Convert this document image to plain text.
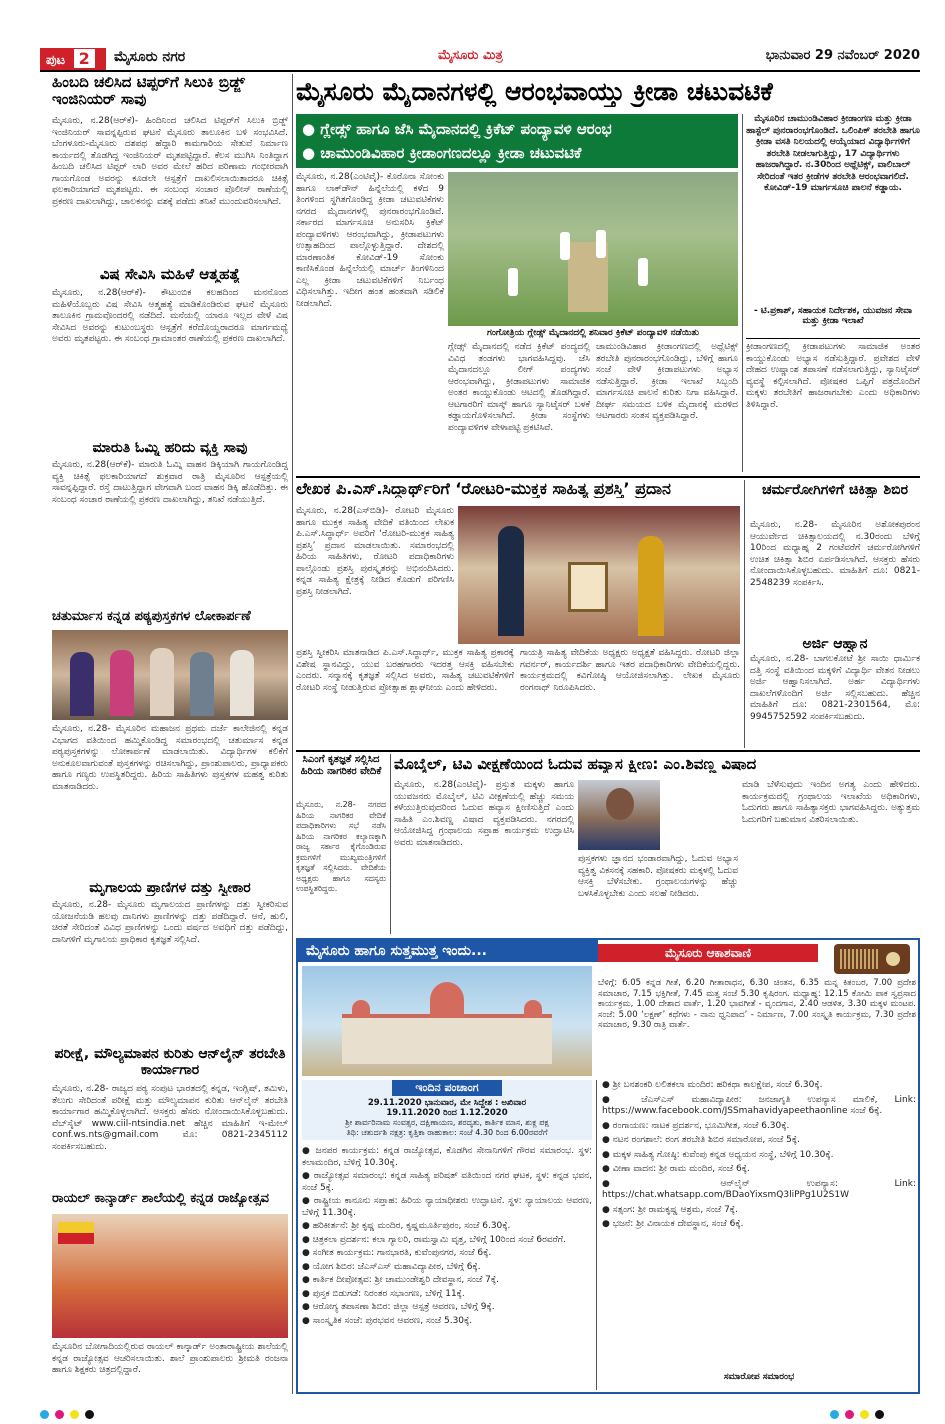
ಪುಟ 2	ಮೈಸೂರು ನಗರ	ಮೈಸೂರು ಮಿತ್ರ	ಭಾನುವಾರ 29 ನವೆಂಬರ್ 2020
ಹಿಂಬದಿ ಚಲಿಸಿದ ಟಿಪ್ಪರ್‌ಗೆ ಸಿಲುಕಿ ಬ್ರಿಡ್ಜ್ ಇಂಜಿನಿಯರ್ ಸಾವು
ಮೈಸೂರು, ನ.28(ಆರ್‌ಕೆ)- ಹಿಂದಿನಿಂದ ಚಲಿಸಿದ ಟಿಪ್ಪರ್‌ಗೆ ಸಿಲುಕಿ ಬ್ರಿಡ್ಜ್ ಇಂಜಿನಿಯರ್ ಸಾವನ್ನಪ್ಪಿರುವ ಘಟನೆ ಮೈಸೂರು ತಾಲೂಕಿನ ಬಳಿ ಸಂಭವಿಸಿದೆ. ಬೆಂಗಳೂರು-ಮೈಸೂರು ದಶಪಥ ಹೆದ್ದಾರಿ ಕಾಮಗಾರಿಯ ಸೇತುವೆ ನಿರ್ಮಾಣ ಕಾರ್ಯದಲ್ಲಿ ತೊಡಗಿದ್ದ ಇಂಜಿನಿಯರ್ ಮೃತಪಟ್ಟಿದ್ದಾರೆ. ಕೆಲಸ ಮುಗಿಸಿ ನಿಂತಿದ್ದಾಗ ಹಿಂಬದಿ ಚಲಿಸಿದ ಟಿಪ್ಪರ್ ಲಾರಿ ಅವರ ಮೇಲೆ ಹರಿದ ಪರಿಣಾಮ ಗಂಭೀರವಾಗಿ ಗಾಯಗೊಂಡ ಅವರನ್ನು ಕೂಡಲೇ ಆಸ್ಪತ್ರೆಗೆ ದಾಖಲಿಸಲಾಯಿತಾದರೂ ಚಿಕಿತ್ಸೆ ಫಲಕಾರಿಯಾಗದೆ ಮೃತಪಟ್ಟರು. ಈ ಸಂಬಂಧ ಸಂಚಾರ ಪೊಲೀಸ್ ಠಾಣೆಯಲ್ಲಿ ಪ್ರಕರಣ ದಾಖಲಾಗಿದ್ದು, ಚಾಲಕನನ್ನು ವಶಕ್ಕೆ ಪಡೆದು ತನಿಖೆ ಮುಂದುವರಿಸಲಾಗಿದೆ.
ವಿಷ ಸೇವಿಸಿ ಮಹಿಳೆ ಆತ್ಮಹತ್ಯೆ
ಮೈಸೂರು, ನ.28(ಆರ್‌ಕೆ)- ಕೌಟುಂಬಿಕ ಕಲಹದಿಂದ ಮನನೊಂದ ಮಹಿಳೆಯೊಬ್ಬರು ವಿಷ ಸೇವಿಸಿ ಆತ್ಮಹತ್ಯೆ ಮಾಡಿಕೊಂಡಿರುವ ಘಟನೆ ಮೈಸೂರು ತಾಲೂಕಿನ ಗ್ರಾಮವೊಂದರಲ್ಲಿ ನಡೆದಿದೆ. ಮನೆಯಲ್ಲಿ ಯಾರೂ ಇಲ್ಲದ ವೇಳೆ ವಿಷ ಸೇವಿಸಿದ ಅವರನ್ನು ಕುಟುಂಬಸ್ಥರು ಆಸ್ಪತ್ರೆಗೆ ಕರೆದೊಯ್ದರಾದರೂ ಮಾರ್ಗಮಧ್ಯೆ ಅವರು ಮೃತಪಟ್ಟರು. ಈ ಸಂಬಂಧ ಗ್ರಾಮಾಂತರ ಠಾಣೆಯಲ್ಲಿ ಪ್ರಕರಣ ದಾಖಲಾಗಿದೆ.
ಮಾರುತಿ ಓಮ್ನಿ ಹರಿದು ವ್ಯಕ್ತಿ ಸಾವು
ಮೈಸೂರು, ನ.28(ಆರ್‌ಕೆ)- ಮಾರುತಿ ಓಮ್ನಿ ವಾಹನ ಡಿಕ್ಕಿಯಾಗಿ ಗಾಯಗೊಂಡಿದ್ದ ವ್ಯಕ್ತಿ ಚಿಕಿತ್ಸೆ ಫಲಕಾರಿಯಾಗದೆ ಶುಕ್ರವಾರ ರಾತ್ರಿ ಮೈಸೂರಿನ ಆಸ್ಪತ್ರೆಯಲ್ಲಿ ಸಾವನ್ನಪ್ಪಿದ್ದಾರೆ. ರಸ್ತೆ ದಾಟುತ್ತಿದ್ದಾಗ ವೇಗವಾಗಿ ಬಂದ ವಾಹನ ಡಿಕ್ಕಿ ಹೊಡೆದಿತ್ತು. ಈ ಸಂಬಂಧ ಸಂಚಾರ ಠಾಣೆಯಲ್ಲಿ ಪ್ರಕರಣ ದಾಖಲಾಗಿದ್ದು, ತನಿಖೆ ನಡೆಯುತ್ತಿದೆ.
ಚತುರ್ಮಾಸ ಕನ್ನಡ ಪಠ್ಯಪುಸ್ತಕಗಳ ಲೋಕಾರ್ಪಣೆ
ಮೈಸೂರು, ನ.28- ಮೈಸೂರಿನ ಮಹಾಜನ ಪ್ರಥಮ ದರ್ಜೆ ಕಾಲೇಜಿನಲ್ಲಿ ಕನ್ನಡ ವಿಭಾಗದ ವತಿಯಿಂದ ಹಮ್ಮಿಕೊಂಡಿದ್ದ ಸಮಾರಂಭದಲ್ಲಿ ಚತುರ್ಮಾಸ ಕನ್ನಡ ಪಠ್ಯಪುಸ್ತಕಗಳನ್ನು ಲೋಕಾರ್ಪಣೆ ಮಾಡಲಾಯಿತು. ವಿದ್ಯಾರ್ಥಿಗಳ ಕಲಿಕೆಗೆ ಅನುಕೂಲವಾಗುವಂತೆ ಪುಸ್ತಕಗಳನ್ನು ರಚಿಸಲಾಗಿದ್ದು, ಪ್ರಾಂಶುಪಾಲರು, ಪ್ರಾಧ್ಯಾಪಕರು ಹಾಗೂ ಗಣ್ಯರು ಉಪಸ್ಥಿತರಿದ್ದರು. ಹಿರಿಯ ಸಾಹಿತಿಗಳು ಪುಸ್ತಕಗಳ ಮಹತ್ವ ಕುರಿತು ಮಾತನಾಡಿದರು.
ಮೃಗಾಲಯ ಪ್ರಾಣಿಗಳ ದತ್ತು ಸ್ವೀಕಾರ
ಮೈಸೂರು, ನ.28- ಮೈಸೂರು ಮೃಗಾಲಯದ ಪ್ರಾಣಿಗಳನ್ನು ದತ್ತು ಸ್ವೀಕರಿಸುವ ಯೋಜನೆಯಡಿ ಹಲವು ದಾನಿಗಳು ಪ್ರಾಣಿಗಳನ್ನು ದತ್ತು ಪಡೆದಿದ್ದಾರೆ. ಆನೆ, ಹುಲಿ, ಚಿರತೆ ಸೇರಿದಂತೆ ವಿವಿಧ ಪ್ರಾಣಿಗಳನ್ನು ಒಂದು ವರ್ಷದ ಅವಧಿಗೆ ದತ್ತು ಪಡೆದಿದ್ದು, ದಾನಿಗಳಿಗೆ ಮೃಗಾಲಯ ಪ್ರಾಧಿಕಾರ ಕೃತಜ್ಞತೆ ಸಲ್ಲಿಸಿದೆ.
ಪರೀಕ್ಷೆ, ಮೌಲ್ಯಮಾಪನ ಕುರಿತು ಆನ್‌ಲೈನ್ ತರಬೇತಿ ಕಾರ್ಯಾಗಾರ
ಮೈಸೂರು, ನ.28- ರಾಜ್ಯದ ಪಠ್ಯ ಸಂಪುಟ ಭಾರತದಲ್ಲಿ ಕನ್ನಡ, ಇಂಗ್ಲಿಷ್, ತಮಿಳು, ತೆಲುಗು ಸೇರಿದಂತೆ ಪರೀಕ್ಷೆ ಮತ್ತು ಮೌಲ್ಯಮಾಪನ ಕುರಿತು ಆನ್‌ಲೈನ್ ತರಬೇತಿ ಕಾರ್ಯಾಗಾರ ಹಮ್ಮಿಕೊಳ್ಳಲಾಗಿದೆ. ಆಸಕ್ತರು ಹೆಸರು ನೋಂದಾಯಿಸಿಕೊಳ್ಳಬಹುದು. ವೆಬ್‌ಸೈಟ್ www.ciil-ntsindia.net ಹೆಚ್ಚಿನ ಮಾಹಿತಿಗೆ ಇ-ಮೇಲ್ conf.ws.nts@gmail.com ಮೊ: 0821-2345112 ಸಂಪರ್ಕಿಸಬಹುದು.
ರಾಯಲ್ ಕಾನ್ಕಾರ್ಡ್ ಶಾಲೆಯಲ್ಲಿ ಕನ್ನಡ ರಾಜ್ಯೋತ್ಸವ
ಮೈಸೂರಿನ ಬೋಗಾದಿಯಲ್ಲಿರುವ ರಾಯಲ್ ಕಾನ್ಕಾರ್ಡ್ ಅಂತಾರಾಷ್ಟ್ರೀಯ ಶಾಲೆಯಲ್ಲಿ ಕನ್ನಡ ರಾಜ್ಯೋತ್ಸವ ಆಚರಿಸಲಾಯಿತು. ಶಾಲೆ ಪ್ರಾಂಶುಪಾಲರು ಶ್ರೀಮತಿ ರಂಜನಾ ಹಾಗೂ ಶಿಕ್ಷಕರು ಚಿತ್ರದಲ್ಲಿದ್ದಾರೆ.
ಮೈಸೂರು ಮೈದಾನಗಳಲ್ಲಿ ಆರಂಭವಾಯ್ತು ಕ್ರೀಡಾ ಚಟುವಟಿಕೆ
● ಗ್ಲೇಡ್ಸ್ ಹಾಗೂ ಜೆಸಿ ಮೈದಾನದಲ್ಲಿ ಕ್ರಿಕೆಟ್ ಪಂದ್ಯಾವಳಿ ಆರಂಭ
● ಚಾಮುಂಡಿವಿಹಾರ ಕ್ರೀಡಾಂಗಣದಲ್ಲೂ ಕ್ರೀಡಾ ಚಟುವಟಿಕೆ
ಮೈಸೂರು, ನ.28(ಎಂಟಿವೈ)- ಕೊರೊನಾ ಸೋಂಕು ಹಾಗೂ ಲಾಕ್‌ಡೌನ್ ಹಿನ್ನೆಲೆಯಲ್ಲಿ ಕಳೆದ 9 ತಿಂಗಳಿಂದ ಸ್ಥಗಿತಗೊಂಡಿದ್ದ ಕ್ರೀಡಾ ಚಟುವಟಿಕೆಗಳು ನಗರದ ಮೈದಾನಗಳಲ್ಲಿ ಪುನರಾರಂಭಗೊಂಡಿವೆ. ಸರ್ಕಾರದ ಮಾರ್ಗಸೂಚಿ ಅನುಸರಿಸಿ ಕ್ರಿಕೆಟ್ ಪಂದ್ಯಾವಳಿಗಳು ಆರಂಭವಾಗಿದ್ದು, ಕ್ರೀಡಾಪಟುಗಳು ಉತ್ಸಾಹದಿಂದ ಪಾಲ್ಗೊಳ್ಳುತ್ತಿದ್ದಾರೆ. ದೇಶದಲ್ಲಿ ಮಾರಣಾಂತಿಕ ಕೋವಿಡ್-19 ಸೋಂಕು ಕಾಣಿಸಿಕೊಂಡ ಹಿನ್ನೆಲೆಯಲ್ಲಿ ಮಾರ್ಚ್ ತಿಂಗಳಿನಿಂದ ಎಲ್ಲ ಕ್ರೀಡಾ ಚಟುವಟಿಕೆಗಳಿಗೆ ನಿರ್ಬಂಧ ವಿಧಿಸಲಾಗಿತ್ತು. ಇದೀಗ ಹಂತ ಹಂತವಾಗಿ ಸಡಿಲಿಕೆ ನೀಡಲಾಗಿದೆ.
ಗಂಗೋತ್ರಿಯ ಗ್ಲೇಡ್ಸ್ ಮೈದಾನದಲ್ಲಿ ಶನಿವಾರ ಕ್ರಿಕೆಟ್ ಪಂದ್ಯಾವಳಿ ನಡೆಯಿತು
ಗ್ಲೇಡ್ಸ್ ಮೈದಾನದಲ್ಲಿ ನಡೆದ ಕ್ರಿಕೆಟ್ ಪಂದ್ಯದಲ್ಲಿ ವಿವಿಧ ತಂಡಗಳು ಭಾಗವಹಿಸಿದ್ದವು. ಜೆಸಿ ಮೈದಾನದಲ್ಲೂ ಲೀಗ್ ಪಂದ್ಯಗಳು ಆರಂಭವಾಗಿದ್ದು, ಕ್ರೀಡಾಪಟುಗಳು ಸಾಮಾಜಿಕ ಅಂತರ ಕಾಯ್ದುಕೊಂಡು ಆಟದಲ್ಲಿ ತೊಡಗಿದ್ದಾರೆ. ಆಟಗಾರರಿಗೆ ಮಾಸ್ಕ್ ಹಾಗೂ ಸ್ಯಾನಿಟೈಸರ್ ಬಳಕೆ ಕಡ್ಡಾಯಗೊಳಿಸಲಾಗಿದೆ. ಕ್ರೀಡಾ ಸಂಸ್ಥೆಗಳು ಪಂದ್ಯಾವಳಿಗಳ ವೇಳಾಪಟ್ಟಿ ಪ್ರಕಟಿಸಿವೆ.
ಚಾಮುಂಡಿವಿಹಾರ ಕ್ರೀಡಾಂಗಣದಲ್ಲಿ ಅಥ್ಲೆಟಿಕ್ಸ್ ತರಬೇತಿ ಪುನರಾರಂಭಗೊಂಡಿದ್ದು, ಬೆಳಿಗ್ಗೆ ಹಾಗೂ ಸಂಜೆ ವೇಳೆ ಕ್ರೀಡಾಪಟುಗಳು ಅಭ್ಯಾಸ ನಡೆಸುತ್ತಿದ್ದಾರೆ. ಕ್ರೀಡಾ ಇಲಾಖೆ ಸಿಬ್ಬಂದಿ ಮಾರ್ಗಸೂಚಿ ಪಾಲನೆ ಕುರಿತು ನಿಗಾ ವಹಿಸಿದ್ದಾರೆ. ದೀರ್ಘ ಸಮಯದ ಬಳಿಕ ಮೈದಾನಕ್ಕೆ ಮರಳಿದ ಆಟಗಾರರು ಸಂತಸ ವ್ಯಕ್ತಪಡಿಸಿದ್ದಾರೆ.
ಮೈಸೂರಿನ ಚಾಮುಂಡಿವಿಹಾರ ಕ್ರೀಡಾಂಗಣ ಮತ್ತು ಕ್ರೀಡಾ ಹಾಸ್ಟೆಲ್ ಪುನರಾರಂಭಗೊಂಡಿದೆ. ಒಲಿಂಪಿಕ್ ತರಬೇತಿ ಹಾಗೂ ಕ್ರೀಡಾ ವಸತಿ ನಿಲಯದಲ್ಲಿ ಆಯ್ಕೆಯಾದ ವಿದ್ಯಾರ್ಥಿಗಳಿಗೆ ತರಬೇತಿ ನೀಡಲಾಗುತ್ತಿದ್ದು, 17 ವಿದ್ಯಾರ್ಥಿಗಳು ಹಾಜರಾಗಿದ್ದಾರೆ. ನ.30ರಿಂದ ಅಥ್ಲೆಟಿಕ್ಸ್, ವಾಲಿಬಾಲ್ ಸೇರಿದಂತೆ ಇತರ ಕ್ರೀಡೆಗಳ ತರಬೇತಿ ಆರಂಭವಾಗಲಿದೆ. ಕೋವಿಡ್-19 ಮಾರ್ಗಸೂಚಿ ಪಾಲನೆ ಕಡ್ಡಾಯ.
- ಟಿ.ಪ್ರಕಾಶ್, ಸಹಾಯಕ ನಿರ್ದೇಶಕ, ಯುವಜನ ಸೇವಾ ಮತ್ತು ಕ್ರೀಡಾ ಇಲಾಖೆ
ಕ್ರೀಡಾಂಗಣದಲ್ಲಿ ಕ್ರೀಡಾಪಟುಗಳು ಸಾಮಾಜಿಕ ಅಂತರ ಕಾಯ್ದುಕೊಂಡು ಅಭ್ಯಾಸ ನಡೆಸುತ್ತಿದ್ದಾರೆ. ಪ್ರವೇಶದ ವೇಳೆ ದೇಹದ ಉಷ್ಣಾಂಶ ತಪಾಸಣೆ ನಡೆಸಲಾಗುತ್ತಿದ್ದು, ಸ್ಯಾನಿಟೈಸರ್ ವ್ಯವಸ್ಥೆ ಕಲ್ಪಿಸಲಾಗಿದೆ. ಪೋಷಕರ ಒಪ್ಪಿಗೆ ಪತ್ರದೊಂದಿಗೆ ಮಕ್ಕಳು ತರಬೇತಿಗೆ ಹಾಜರಾಗಬೇಕು ಎಂದು ಅಧಿಕಾರಿಗಳು ತಿಳಿಸಿದ್ದಾರೆ.
ಲೇಖಕ ಪಿ.ಎಸ್.ಸಿದ್ಧಾರ್ಥ್‌ರಿಗೆ ‘ರೋಟರಿ-ಮುಕ್ತಕ ಸಾಹಿತ್ಯ ಪ್ರಶಸ್ತಿ’ ಪ್ರದಾನ
ಮೈಸೂರು, ನ.28(ಎಸ್‌ಬಿಡಿ)- ರೋಟರಿ ಮೈಸೂರು ಹಾಗೂ ಮುಕ್ತಕ ಸಾಹಿತ್ಯ ವೇದಿಕೆ ವತಿಯಿಂದ ಲೇಖಕ ಪಿ.ಎಸ್.ಸಿದ್ಧಾರ್ಥ್ ಅವರಿಗೆ ‘ರೋಟರಿ-ಮುಕ್ತಕ ಸಾಹಿತ್ಯ ಪ್ರಶಸ್ತಿ’ ಪ್ರದಾನ ಮಾಡಲಾಯಿತು. ಸಮಾರಂಭದಲ್ಲಿ ಹಿರಿಯ ಸಾಹಿತಿಗಳು, ರೋಟರಿ ಪದಾಧಿಕಾರಿಗಳು ಪಾಲ್ಗೊಂಡು ಪ್ರಶಸ್ತಿ ಪುರಸ್ಕೃತರನ್ನು ಅಭಿನಂದಿಸಿದರು. ಕನ್ನಡ ಸಾಹಿತ್ಯ ಕ್ಷೇತ್ರಕ್ಕೆ ನೀಡಿದ ಕೊಡುಗೆ ಪರಿಗಣಿಸಿ ಪ್ರಶಸ್ತಿ ನೀಡಲಾಗಿದೆ.
ಪ್ರಶಸ್ತಿ ಸ್ವೀಕರಿಸಿ ಮಾತನಾಡಿದ ಪಿ.ಎಸ್.ಸಿದ್ಧಾರ್ಥ್, ಮುಕ್ತಕ ಸಾಹಿತ್ಯ ಪ್ರಕಾರಕ್ಕೆ ವಿಶೇಷ ಸ್ಥಾನವಿದ್ದು, ಯುವ ಬರಹಗಾರರು ಇದರತ್ತ ಆಸಕ್ತಿ ವಹಿಸಬೇಕು ಎಂದರು. ಸನ್ಮಾನಕ್ಕೆ ಕೃತಜ್ಞತೆ ಸಲ್ಲಿಸಿದ ಅವರು, ಸಾಹಿತ್ಯ ಚಟುವಟಿಕೆಗಳಿಗೆ ರೋಟರಿ ಸಂಸ್ಥೆ ನೀಡುತ್ತಿರುವ ಪ್ರೋತ್ಸಾಹ ಶ್ಲಾಘನೀಯ ಎಂದು ಹೇಳಿದರು.
ಗಾಯತ್ರಿ ಸಾಹಿತ್ಯ ವೇದಿಕೆಯ ಅಧ್ಯಕ್ಷರು ಅಧ್ಯಕ್ಷತೆ ವಹಿಸಿದ್ದರು. ರೋಟರಿ ಜಿಲ್ಲಾ ಗವರ್ನರ್, ಕಾರ್ಯದರ್ಶಿ ಹಾಗೂ ಇತರ ಪದಾಧಿಕಾರಿಗಳು ವೇದಿಕೆಯಲ್ಲಿದ್ದರು. ಕಾರ್ಯಕ್ರಮದಲ್ಲಿ ಕವಿಗೋಷ್ಠಿ ಆಯೋಜಿಸಲಾಗಿತ್ತು. ಲೇಖಕ ಮೈಸೂರು ರಂಗನಾಥ್ ನಿರೂಪಿಸಿದರು.
ಚರ್ಮರೋಗಿಗಳಿಗೆ ಚಿಕಿತ್ಸಾ ಶಿಬಿರ
ಮೈಸೂರು, ನ.28- ಮೈಸೂರಿನ ಅಶೋಕಪುರಂನ ಆಯುರ್ವೇದ ಚಿಕಿತ್ಸಾಲಯದಲ್ಲಿ ನ.30ರಂದು ಬೆಳಿಗ್ಗೆ 10ರಿಂದ ಮಧ್ಯಾಹ್ನ 2 ಗಂಟೆವರೆಗೆ ಚರ್ಮರೋಗಿಗಳಿಗೆ ಉಚಿತ ಚಿಕಿತ್ಸಾ ಶಿಬಿರ ಏರ್ಪಡಿಸಲಾಗಿದೆ. ಆಸಕ್ತರು ಹೆಸರು ನೋಂದಾಯಿಸಿಕೊಳ್ಳಬಹುದು. ಮಾಹಿತಿಗೆ ದೂ: 0821-2548239 ಸಂಪರ್ಕಿಸಿ.
ಅರ್ಜಿ ಆಹ್ವಾನ
ಮೈಸೂರು, ನ.28- ಬಾಗಲಕೋಟೆ ಶ್ರೀ ಸಾಯಿ ಧಾರ್ಮಿಕ ದತ್ತಿ ಸಂಸ್ಥೆ ವತಿಯಿಂದ ಮಕ್ಕಳಿಗೆ ವಿದ್ಯಾರ್ಥಿ ವೇತನ ನೀಡಲು ಅರ್ಜಿ ಆಹ್ವಾನಿಸಲಾಗಿದೆ. ಅರ್ಹ ವಿದ್ಯಾರ್ಥಿಗಳು ದಾಖಲೆಗಳೊಂದಿಗೆ ಅರ್ಜಿ ಸಲ್ಲಿಸಬಹುದು. ಹೆಚ್ಚಿನ ಮಾಹಿತಿಗೆ ದೂ: 0821-2301564, ಮೊ: 9945752592 ಸಂಪರ್ಕಿಸಬಹುದು.
ಸಿಎಂಗೆ ಕೃತಜ್ಞತೆ ಸಲ್ಲಿಸಿದ ಹಿರಿಯ ನಾಗರಿಕರ ವೇದಿಕೆ
ಮೈಸೂರು, ನ.28- ನಗರದ ಹಿರಿಯ ನಾಗರಿಕರ ವೇದಿಕೆ ಪದಾಧಿಕಾರಿಗಳು ಸಭೆ ನಡೆಸಿ ಹಿರಿಯ ನಾಗರಿಕರ ಕಲ್ಯಾಣಕ್ಕಾಗಿ ರಾಜ್ಯ ಸರ್ಕಾರ ಕೈಗೊಂಡಿರುವ ಕ್ರಮಗಳಿಗೆ ಮುಖ್ಯಮಂತ್ರಿಗಳಿಗೆ ಕೃತಜ್ಞತೆ ಸಲ್ಲಿಸಿದರು. ವೇದಿಕೆಯ ಅಧ್ಯಕ್ಷರು ಹಾಗೂ ಸದಸ್ಯರು ಉಪಸ್ಥಿತರಿದ್ದರು.
ಮೊಬೈಲ್, ಟಿವಿ ವೀಕ್ಷಣೆಯಿಂದ ಓದುವ ಹವ್ಯಾಸ ಕ್ಷೀಣ: ಎಂ.ಶಿವಣ್ಣ ವಿಷಾದ
ಮೈಸೂರು, ನ.28(ಎಂಟಿವೈ)- ಪ್ರಸ್ತುತ ಮಕ್ಕಳು ಹಾಗೂ ಯುವಜನರು ಮೊಬೈಲ್, ಟಿವಿ ವೀಕ್ಷಣೆಯಲ್ಲಿ ಹೆಚ್ಚು ಸಮಯ ಕಳೆಯುತ್ತಿರುವುದರಿಂದ ಓದುವ ಹವ್ಯಾಸ ಕ್ಷೀಣಿಸುತ್ತಿದೆ ಎಂದು ಸಾಹಿತಿ ಎಂ.ಶಿವಣ್ಣ ವಿಷಾದ ವ್ಯಕ್ತಪಡಿಸಿದರು. ನಗರದಲ್ಲಿ ಆಯೋಜಿಸಿದ್ದ ಗ್ರಂಥಾಲಯ ಸಪ್ತಾಹ ಕಾರ್ಯಕ್ರಮ ಉದ್ಘಾಟಿಸಿ ಅವರು ಮಾತನಾಡಿದರು.
ಪುಸ್ತಕಗಳು ಜ್ಞಾನದ ಭಂಡಾರವಾಗಿದ್ದು, ಓದುವ ಅಭ್ಯಾಸ ವ್ಯಕ್ತಿತ್ವ ವಿಕಸನಕ್ಕೆ ಸಹಕಾರಿ. ಪೋಷಕರು ಮಕ್ಕಳಲ್ಲಿ ಓದುವ ಆಸಕ್ತಿ ಬೆಳೆಸಬೇಕು. ಗ್ರಂಥಾಲಯಗಳನ್ನು ಹೆಚ್ಚು ಬಳಸಿಕೊಳ್ಳಬೇಕು ಎಂದು ಸಲಹೆ ನೀಡಿದರು.
ಮಾಡಿ ಬೆಳೆಸುವುದು ಇಂದಿನ ಅಗತ್ಯ ಎಂದು ಹೇಳಿದರು. ಕಾರ್ಯಕ್ರಮದಲ್ಲಿ ಗ್ರಂಥಾಲಯ ಇಲಾಖೆಯ ಅಧಿಕಾರಿಗಳು, ಓದುಗರು ಹಾಗೂ ಸಾಹಿತ್ಯಾಸಕ್ತರು ಭಾಗವಹಿಸಿದ್ದರು. ಅತ್ಯುತ್ತಮ ಓದುಗರಿಗೆ ಬಹುಮಾನ ವಿತರಿಸಲಾಯಿತು.
ಮೈಸೂರು ಹಾಗೂ ಸುತ್ತಮುತ್ತ ಇಂದು...	ಮೈಸೂರು ಆಕಾಶವಾಣಿ
ಬೆಳಿಗ್ಗೆ: 6.05 ಕನ್ನಡ ಗೀತೆ, 6.20 ಗೀತಾರಾಧನ, 6.30 ಚಿಂತನ, 6.35 ಮನ್ನ ಕಿತಂಬರ, 7.00 ಪ್ರದೇಶ ಸಮಾಚಾರ, 7.15 ಭಕ್ತಿಗೀತೆ, 7.45 ಮತ್ತ ಸಂಜೆ 5.30 ಕೃಷಿರಂಗ. ಮಧ್ಯಾಹ್ನ: 12.15 ಕೋಮಿ ಪಾಕ ಸ್ವಪ್ರಸಾದ ಕಾರ್ಯಕ್ರಮ, 1.00 ದೇಶಾದ ವಾರ್ತೆ, 1.20 ಭಾವಗೀತೆ - ವೃಂದಗಾನ, 2.40 ಆಡಳಿತ, 3.30 ಮಕ್ಕಳ ಮಂಟಪ. ಸಂಜೆ: 5.00 ‘ಲಕ್ಷಣ್’ ಕಥೆಗಳು - ನಾನು ಧ್ವನಿಪಾದ’ - ನಿರ್ಮಾಣ, 7.00 ಸಂಸ್ಕೃತಿ ಕಾರ್ಯಕ್ರಮ, 7.30 ಪ್ರದೇಶ ಸಮಾಚಾರ, 9.30 ರಾತ್ರಿ ವಾರ್ತೆ.
ಇಂದಿನ ಪಂಚಾಂಗ
29.11.2020 ಭಾನುವಾರ, ಮೇ ಸಿದ್ದೇಶ : ಅಖಿವಾರ
19.11.2020 ರಿಂದ 1.12.2020
ಶ್ರೀ ಶಾರ್ವರಿನಾಮ ಸಂವತ್ಸರ, ದಕ್ಷಿಣಾಯಣ, ಶರದೃತು, ಕಾರ್ತಿಕ ಮಾಸ, ಶುಕ್ಲ ಪಕ್ಷ
ತಿಥಿ: ಚತುರ್ದಶಿ ನಕ್ಷತ್ರ: ಕೃತ್ತಿಕಾ ರಾಹುಕಾಲ: ಸಂಜೆ 4.30 ರಿಂದ 6.00ರವರೆಗೆ
● ಜನಪರ ಕಾರ್ಯಕ್ರಮ: ಕನ್ನಡ ರಾಜ್ಯೋತ್ಸವ, ಕೊಡಗಿನ ಸೇನಾನಿಗಳಿಗೆ ಗೌರವ ಸಮಾರಂಭ. ಸ್ಥಳ: ಕಲಾಮಂದಿರ, ಬೆಳಿಗ್ಗೆ 10.30ಕ್ಕೆ.
● ರಾಜ್ಯೋತ್ಸವ ಸಮಾರಂಭ: ಕನ್ನಡ ಸಾಹಿತ್ಯ ಪರಿಷತ್ ವತಿಯಿಂದ ನಗರ ಘಟಕ, ಸ್ಥಳ: ಕನ್ನಡ ಭವನ, ಸಂಜೆ 5ಕ್ಕೆ.
● ರಾಷ್ಟ್ರೀಯ ಕಾನೂನು ಸಪ್ತಾಹ: ಹಿರಿಯ ನ್ಯಾಯಾಧೀಶರು ಉದ್ಘಾಟನೆ. ಸ್ಥಳ: ನ್ಯಾಯಾಲಯ ಆವರಣ, ಬೆಳಿಗ್ಗೆ 11.30ಕ್ಕೆ.
● ಹರಿಕೀರ್ತನೆ: ಶ್ರೀ ಕೃಷ್ಣ ಮಂದಿರ, ಕೃಷ್ಣಮೂರ್ತಿಪುರಂ, ಸಂಜೆ 6.30ಕ್ಕೆ.
● ಚಿತ್ರಕಲಾ ಪ್ರದರ್ಶನ: ಕಲಾ ಗ್ಯಾಲರಿ, ರಾಮಸ್ವಾಮಿ ವೃತ್ತ, ಬೆಳಿಗ್ಗೆ 10ರಿಂದ ಸಂಜೆ 6ರವರೆಗೆ.
● ಸಂಗೀತ ಕಾರ್ಯಕ್ರಮ: ಗಾನಭಾರತಿ, ಕುವೆಂಪುನಗರ, ಸಂಜೆ 6ಕ್ಕೆ.
● ಯೋಗ ಶಿಬಿರ: ಜೆಎಸ್‌ಎಸ್ ಮಹಾವಿದ್ಯಾಪೀಠ, ಬೆಳಿಗ್ಗೆ 6ಕ್ಕೆ.
● ಕಾರ್ತಿಕ ದೀಪೋತ್ಸವ: ಶ್ರೀ ಚಾಮುಂಡೇಶ್ವರಿ ದೇವಸ್ಥಾನ, ಸಂಜೆ 7ಕ್ಕೆ.
● ಪುಸ್ತಕ ಬಿಡುಗಡೆ: ನಿರಂತರ ಸಭಾಂಗಣ, ಬೆಳಿಗ್ಗೆ 11ಕ್ಕೆ.
● ಆರೋಗ್ಯ ತಪಾಸಣಾ ಶಿಬಿರ: ಜಿಲ್ಲಾ ಆಸ್ಪತ್ರೆ ಆವರಣ, ಬೆಳಿಗ್ಗೆ 9ಕ್ಕೆ.
● ಸಾಂಸ್ಕೃತಿಕ ಸಂಜೆ: ಪುರಭವನ ಆವರಣ, ಸಂಜೆ 5.30ಕ್ಕೆ.
● ಶ್ರೀ ಬನಶಂಕರಿ ಲಲಿತಕಲಾ ಮಂದಿರ: ಹರಿಕಥಾ ಕಾಲಕ್ಷೇಪ, ಸಂಜೆ 6.30ಕ್ಕೆ.
● ಜೆಎಸ್‌ಎಸ್ ಮಹಾವಿದ್ಯಾಪೀಠ: ಜನಜಾಗೃತಿ ಉಪನ್ಯಾಸ ಮಾಲಿಕೆ, Link: https://www.facebook.com/JSSmahavidyapeethaonline ಸಂಜೆ 6ಕ್ಕೆ.
● ರಂಗಾಯಣ: ನಾಟಕ ಪ್ರದರ್ಶನ, ಭೂಮಿಗೀತ, ಸಂಜೆ 6.30ಕ್ಕೆ.
● ನಟನ ರಂಗಶಾಲೆ: ರಂಗ ತರಬೇತಿ ಶಿಬಿರ ಸಮಾರೋಪ, ಸಂಜೆ 5ಕ್ಕೆ.
● ಮಕ್ಕಳ ಸಾಹಿತ್ಯ ಗೋಷ್ಠಿ: ಕುವೆಂಪು ಕನ್ನಡ ಅಧ್ಯಯನ ಸಂಸ್ಥೆ, ಬೆಳಿಗ್ಗೆ 10.30ಕ್ಕೆ.
● ವೀಣಾ ವಾದನ: ಶ್ರೀ ರಾಮ ಮಂದಿರ, ಸಂಜೆ 6ಕ್ಕೆ.
● ಆನ್‌ಲೈನ್ ಉಪನ್ಯಾಸ: Link: https://chat.whatsapp.com/BDaoYixsmQ3liPPg1U2S1W
● ಸತ್ಸಂಗ: ಶ್ರೀ ರಾಮಕೃಷ್ಣ ಆಶ್ರಮ, ಸಂಜೆ 7ಕ್ಕೆ.
● ಭಜನೆ: ಶ್ರೀ ವಿನಾಯಕ ದೇವಸ್ಥಾನ, ಸಂಜೆ 6ಕ್ಕೆ.
ಸಮಾರೋಪ ಸಮಾರಂಭ
